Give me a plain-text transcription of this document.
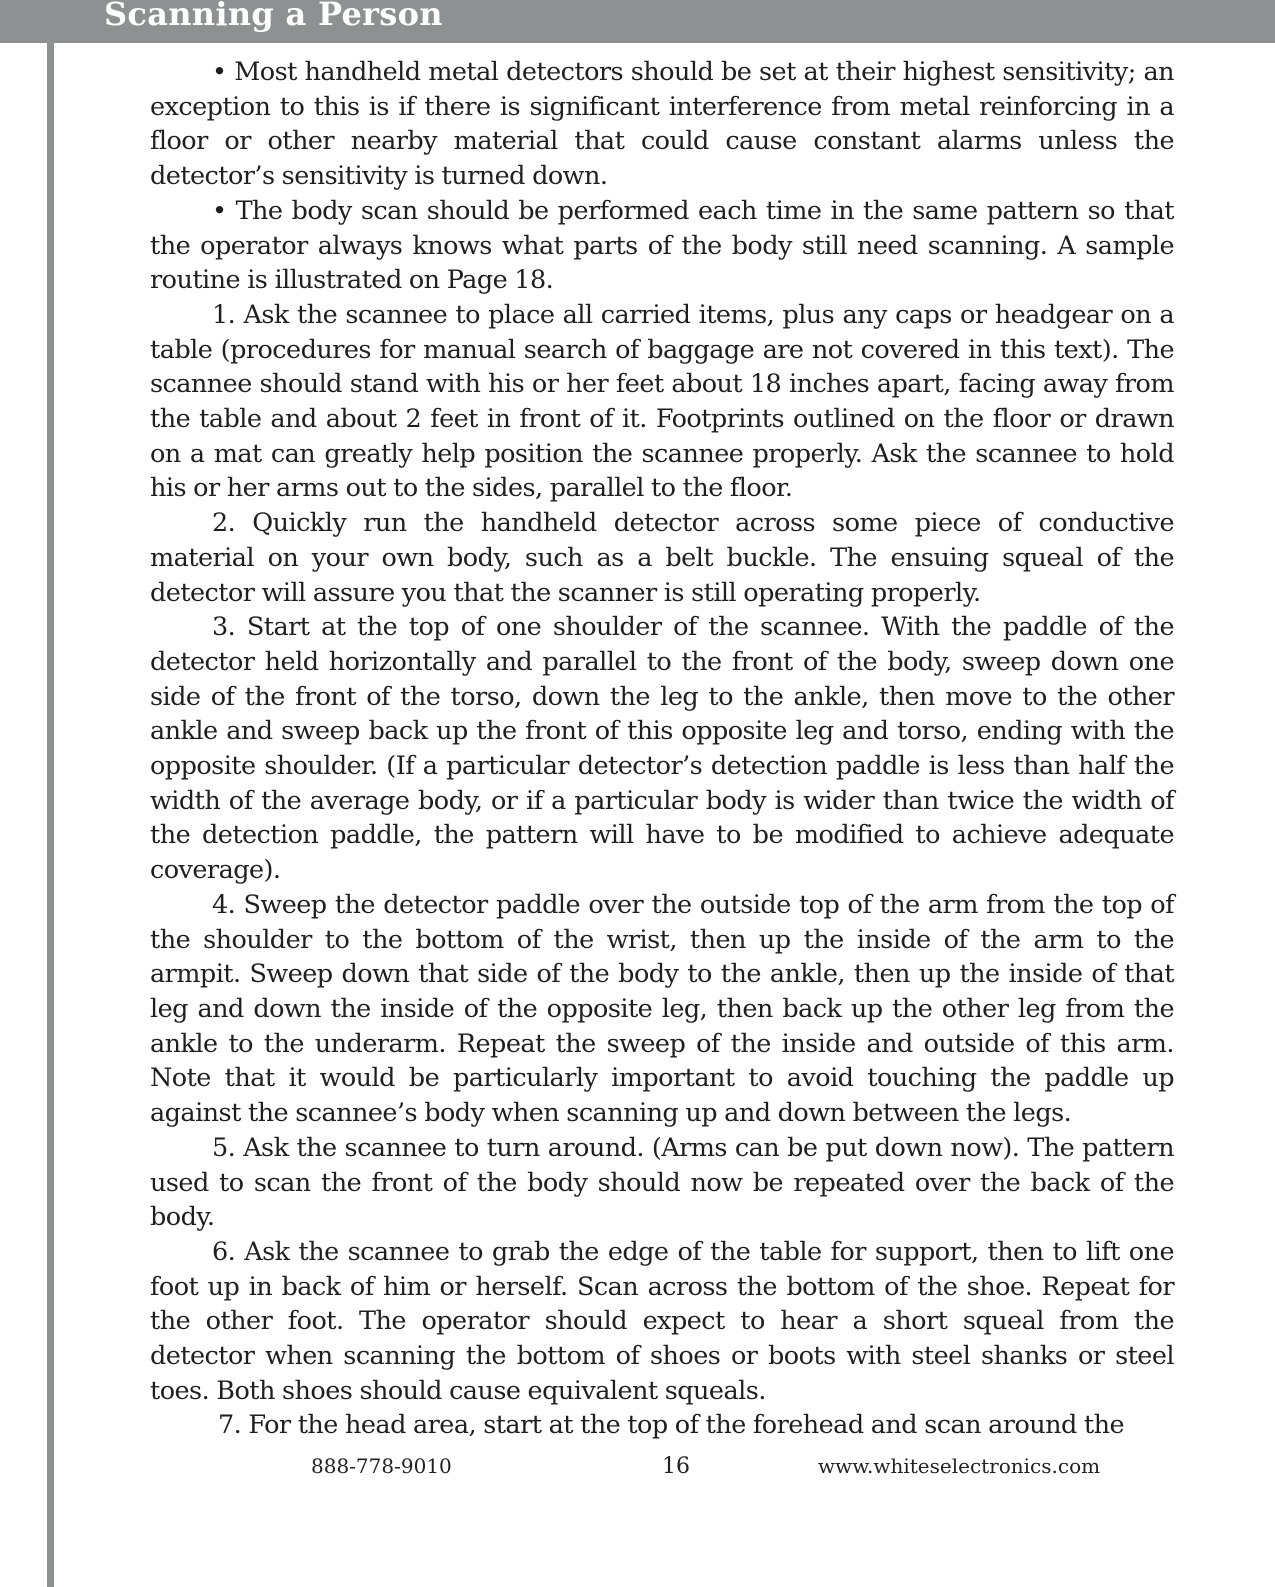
Scanning a Person

• Most handheld metal detectors should be set at their highest sensitivity; an exception to this is if there is significant interference from metal reinforcing in a floor or other nearby material that could cause constant alarms unless the detector’s sensitivity is turned down.

• The body scan should be performed each time in the same pattern so that the operator always knows what parts of the body still need scanning. A sample routine is illustrated on Page 18.

1. Ask the scannee to place all carried items, plus any caps or headgear on a table (procedures for manual search of baggage are not covered in this text). The scannee should stand with his or her feet about 18 inches apart, facing away from the table and about 2 feet in front of it. Footprints outlined on the floor or drawn on a mat can greatly help position the scannee properly. Ask the scannee to hold his or her arms out to the sides, parallel to the floor.

2. Quickly run the handheld detector across some piece of conductive material on your own body, such as a belt buckle. The ensuing squeal of the detector will assure you that the scanner is still operating properly.

3. Start at the top of one shoulder of the scannee. With the paddle of the detector held horizontally and parallel to the front of the body, sweep down one side of the front of the torso, down the leg to the ankle, then move to the other ankle and sweep back up the front of this opposite leg and torso, ending with the opposite shoulder. (If a particular detector’s detection paddle is less than half the width of the average body, or if a particular body is wider than twice the width of the detection paddle, the pattern will have to be modified to achieve adequate coverage).

4. Sweep the detector paddle over the outside top of the arm from the top of the shoulder to the bottom of the wrist, then up the inside of the arm to the armpit. Sweep down that side of the body to the ankle, then up the inside of that leg and down the inside of the opposite leg, then back up the other leg from the ankle to the underarm. Repeat the sweep of the inside and outside of this arm. Note that it would be particularly important to avoid touching the paddle up against the scannee’s body when scanning up and down between the legs.

5. Ask the scannee to turn around. (Arms can be put down now). The pattern used to scan the front of the body should now be repeated over the back of the body.

6. Ask the scannee to grab the edge of the table for support, then to lift one foot up in back of him or herself. Scan across the bottom of the shoe. Repeat for the other foot. The operator should expect to hear a short squeal from the detector when scanning the bottom of shoes or boots with steel shanks or steel toes. Both shoes should cause equivalent squeals.

7. For the head area, start at the top of the forehead and scan around the

888-778-9010	16	www.whiteselectronics.com
